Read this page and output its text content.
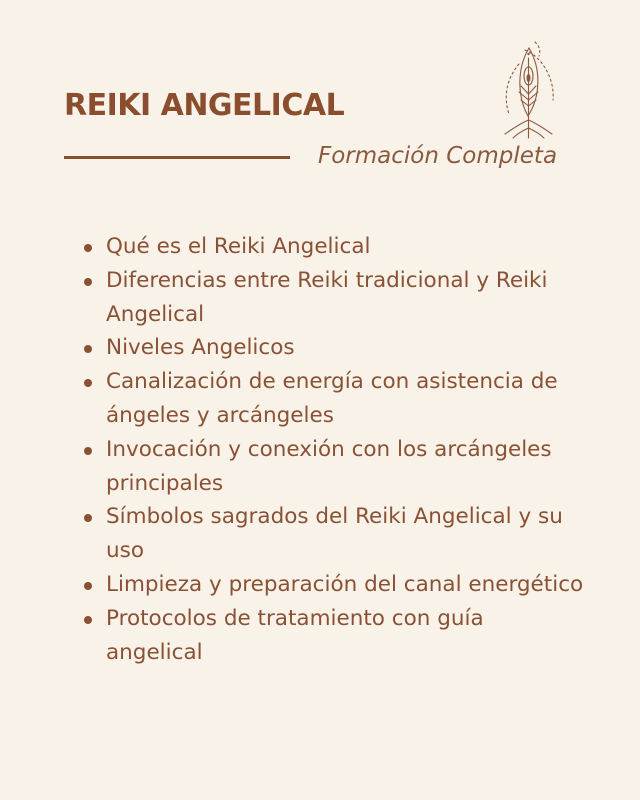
REIKI ANGELICAL
Formación Completa
Qué es el Reiki Angelical
Diferencias entre Reiki tradicional y Reiki Angelical
Niveles Angelicos
Canalización de energía con asistencia de ángeles y arcángeles
Invocación y conexión con los arcángeles principales
Símbolos sagrados del Reiki Angelical y su uso
Limpieza y preparación del canal energético
Protocolos de tratamiento con guía angelical
